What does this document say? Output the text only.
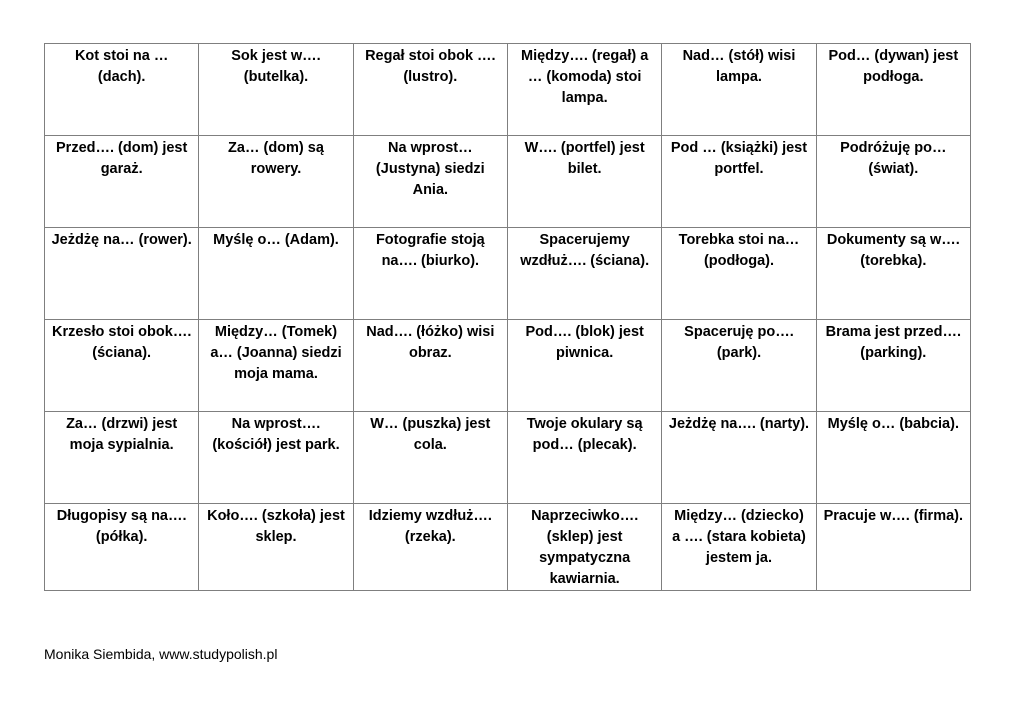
Kot stoi na … (dach).	Sok jest w…. (butelka).	Regał stoi obok …. (lustro).	Między…. (regał) a … (komoda) stoi lampa.	Nad… (stół) wisi lampa.	Pod… (dywan) jest podłoga.
Przed…. (dom) jest garaż.	Za… (dom) są rowery.	Na wprost… (Justyna) siedzi Ania.	W…. (portfel) jest bilet.	Pod … (książki) jest portfel.	Podróżuję po… (świat).
Jeżdżę na… (rower).	Myślę o… (Adam).	Fotografie stoją na…. (biurko).	Spacerujemy wzdłuż…. (ściana).	Torebka stoi na… (podłoga).	Dokumenty są w…. (torebka).
Krzesło stoi obok…. (ściana).	Między… (Tomek) a… (Joanna) siedzi moja mama.	Nad…. (łóżko) wisi obraz.	Pod…. (blok) jest piwnica.	Spaceruję po…. (park).	Brama jest przed…. (parking).
Za… (drzwi) jest moja sypialnia.	Na wprost…. (kościół) jest park.	W… (puszka) jest cola.	Twoje okulary są pod… (plecak).	Jeżdżę na…. (narty).	Myślę o… (babcia).
Długopisy są na…. (półka).	Koło…. (szkoła) jest sklep.	Idziemy wzdłuż…. (rzeka).	Naprzeciwko…. (sklep) jest sympatyczna kawiarnia.	Między… (dziecko) a …. (stara kobieta) jestem ja.	Pracuje w…. (firma).
Monika Siembida, www.studypolish.pl
